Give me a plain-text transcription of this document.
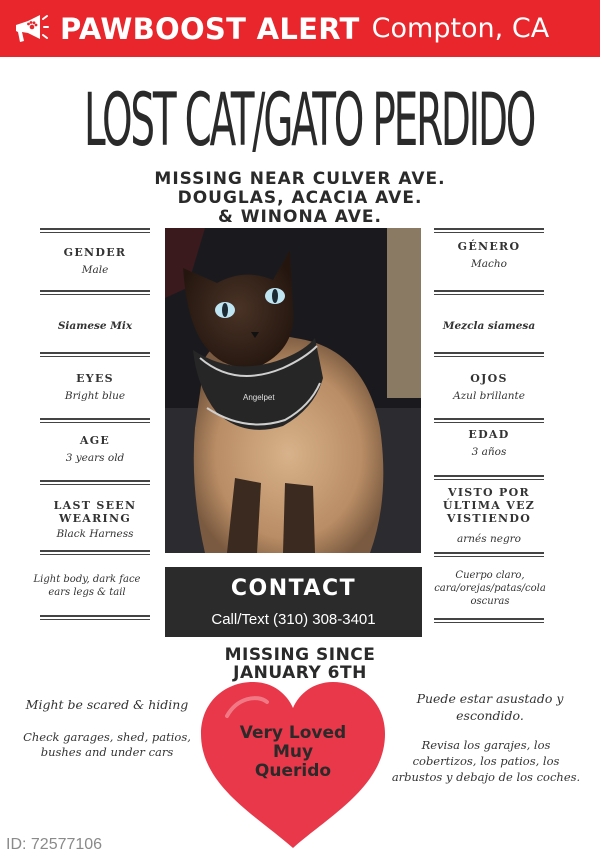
PAWBOOST ALERT Compton, CA
LOST CAT/GATO PERDIDO
MISSING NEAR CULVER AVE.
DOUGLAS, ACACIA AVE.
& WINONA AVE.
GENDER
Male
Siamese Mix
EYES
Bright blue
AGE
3 years old
LAST SEEN WEARING
Black Harness
GÉNERO
Macho
Mezcla siamesa
OJOS
Azul brillante
EDAD
3 años
VISTO POR ÚLTIMA VEZ VISTIENDO
arnés negro
Angelpet
Light body, dark face ears legs & tail
Cuerpo claro, cara/orejas/patas/cola oscuras
CONTACT
Call/Text (310) 308-3401
MISSING SINCE
JANUARY 6TH
Might be scared & hiding
Check garages, shed, patios, bushes and under cars
Puede estar asustado y escondido.
Revisa los garajes, los cobertizos, los patios, los arbustos y debajo de los coches.
Very Loved
Muy
Querido
ID: 72577106
